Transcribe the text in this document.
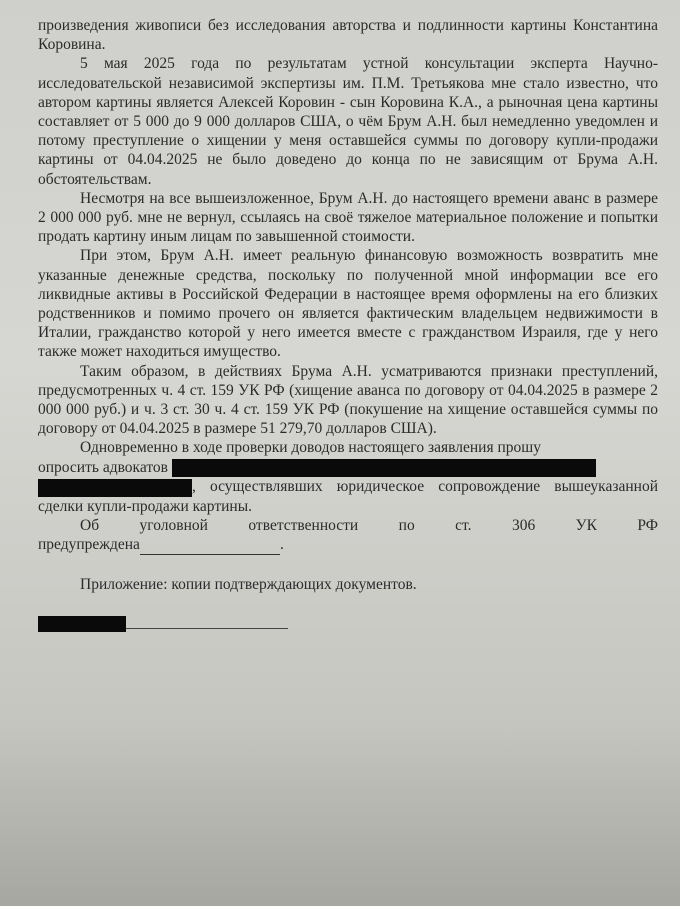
произведения живописи без исследования авторства и подлинности картины Константина Коровина.

5 мая 2025 года по результатам устной консультации эксперта Научно-исследовательской независимой экспертизы им. П.М. Третьякова мне стало известно, что автором картины является Алексей Коровин - сын Коровина К.А., а рыночная цена картины составляет от 5 000 до 9 000 долларов США, о чём Брум А.Н. был немедленно уведомлен и потому преступление о хищении у меня оставшейся суммы по договору купли-продажи картины от 04.04.2025 не было доведено до конца по не зависящим от Брума А.Н. обстоятельствам.

Несмотря на все вышеизложенное, Брум А.Н. до настоящего времени аванс в размере 2 000 000 руб. мне не вернул, ссылаясь на своё тяжелое материальное положение и попытки продать картину иным лицам по завышенной стоимости.

При этом, Брум А.Н. имеет реальную финансовую возможность возвратить мне указанные денежные средства, поскольку по полученной мной информации все его ликвидные активы в Российской Федерации в настоящее время оформлены на его близких родственников и помимо прочего он является фактическим владельцем недвижимости в Италии, гражданство которой у него имеется вместе с гражданством Израиля, где у него также может находиться имущество.

Таким образом, в действиях Брума А.Н. усматриваются признаки преступлений, предусмотренных ч. 4 ст. 159 УК РФ (хищение аванса по договору от 04.04.2025 в размере 2 000 000 руб.) и ч. 3 ст. 30 ч. 4 ст. 159 УК РФ (покушение на хищение оставшейся суммы по договору от 04.04.2025 в размере 51 279,70 долларов США).

Одновременно в ходе проверки доводов настоящего заявления прошу

опросить адвокатов

, осуществлявших юридическое сопровождение вышеуказанной сделки купли-продажи картины.

Об	уголовной	ответственности	по	ст.	306	УК	РФ
предупреждена	.

Приложение: копии подтверждающих документов.
